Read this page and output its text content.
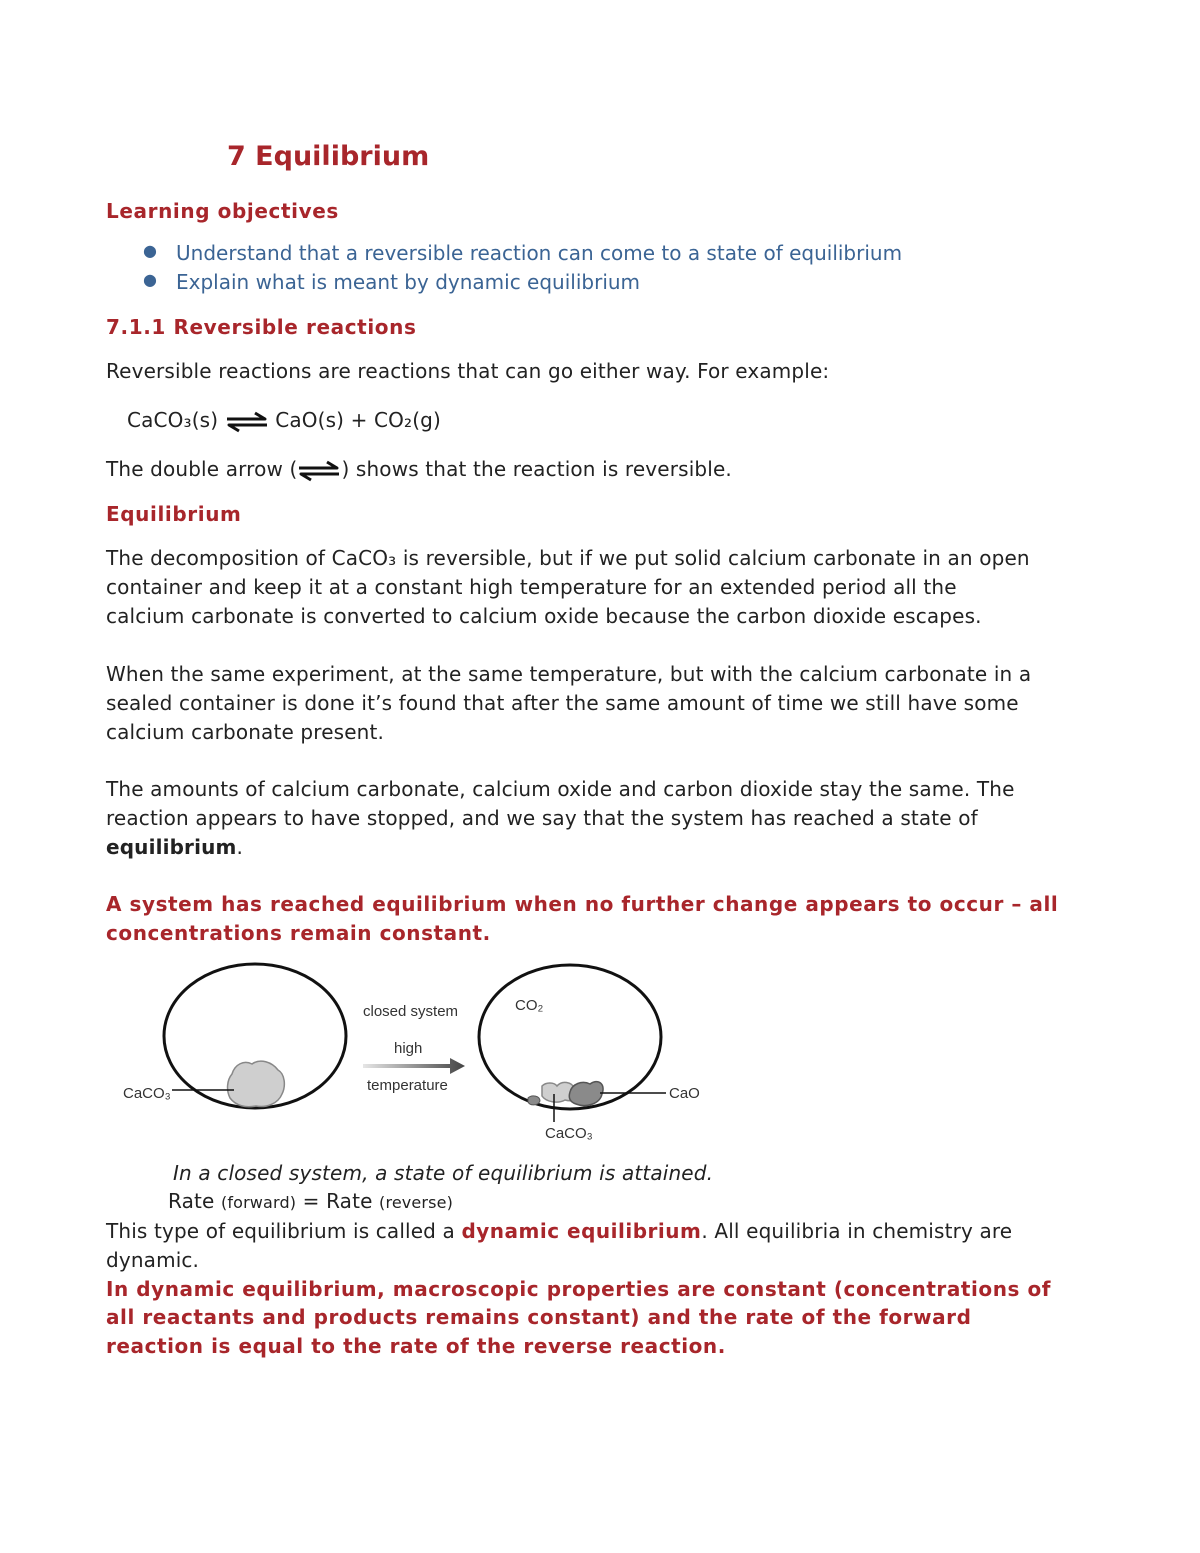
7 Equilibrium
Learning objectives
● Understand that a reversible reaction can come to a state of equilibrium
● Explain what is meant by dynamic equilibrium
7.1.1 Reversible reactions
Reversible reactions are reactions that can go either way. For example:
CaCO₃(s) ⇌ CaO(s) + CO₂(g)
The double arrow (⇌) shows that the reaction is reversible.
Equilibrium
The decomposition of CaCO₃ is reversible, but if we put solid calcium carbonate in an open
container and keep it at a constant high temperature for an extended period all the
calcium carbonate is converted to calcium oxide because the carbon dioxide escapes.
When the same experiment, at the same temperature, but with the calcium carbonate in a
sealed container is done it’s found that after the same amount of time we still have some
calcium carbonate present.
The amounts of calcium carbonate, calcium oxide and carbon dioxide stay the same. The
reaction appears to have stopped, and we say that the system has reached a state of
equilibrium.
A system has reached equilibrium when no further change appears to occur – all
concentrations remain constant.
CaCO₃
closed system
high
temperature
CO₂
CaO
CaCO₃
In a closed system, a state of equilibrium is attained.
Rate (forward) = Rate (reverse)
This type of equilibrium is called a dynamic equilibrium. All equilibria in chemistry are
dynamic.
In dynamic equilibrium, macroscopic properties are constant (concentrations of
all reactants and products remains constant) and the rate of the forward
reaction is equal to the rate of the reverse reaction.
